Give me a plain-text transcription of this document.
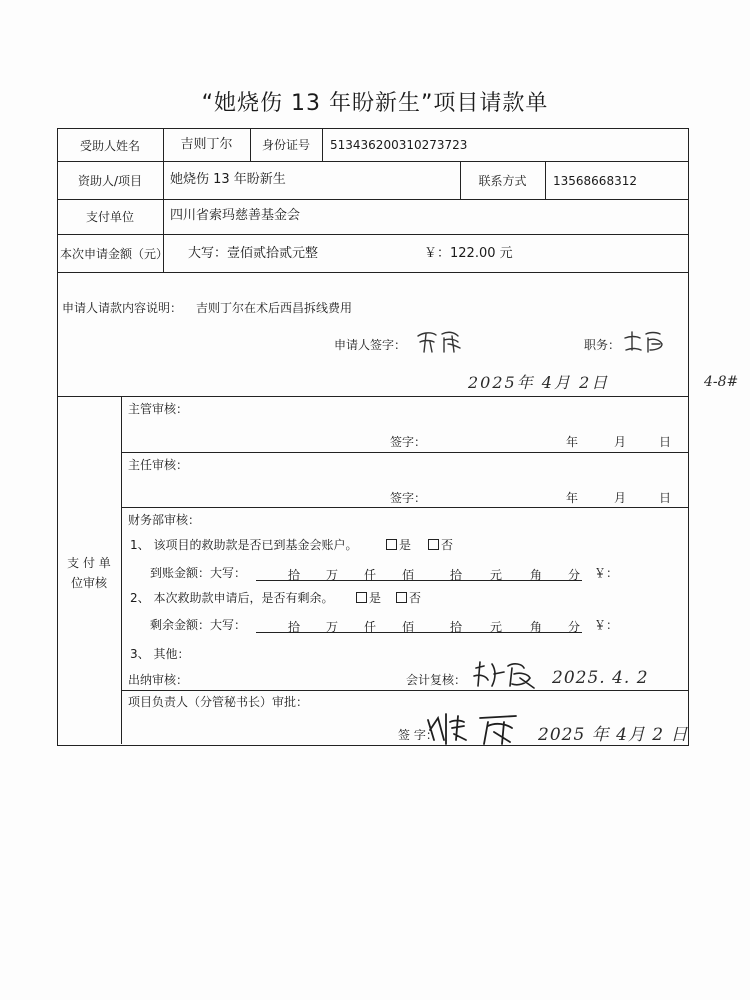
“她烧伤 13 年盼新生”项目请款单
受助人姓名	吉则丁尔	身份证号	513436200310273723
资助人/项目	她烧伤 13 年盼新生	联系方式	13568668312
支付单位	四川省索玛慈善基金会
本次申请金额（元） 大写：壹佰贰拾贰元整	￥：122.00 元
申请人请款内容说明： 吉则丁尔在术后西昌拆线费用
申请人签字：	职务：
2025年 4月 2日	4-8#
支 付 单
位审核
主管审核：
签字：	年	月	日
主任审核：
签字：	年	月	日
财务部审核：
1、 该项目的救助款是否已到基金会账户。	是	否
到账金额：大写：	拾 万 仟 佰	拾 元 角 分 ￥：
2、 本次救助款申请后，是否有剩余。	是	否
剩余金额：大写：	拾 万 仟 佰	拾 元 角 分 ￥：
3、 其他：
出纳审核：	会计复核：	2025. 4. 2
项目负责人（分管秘书长）审批：
签 字：	2025 年 4月 2 日
